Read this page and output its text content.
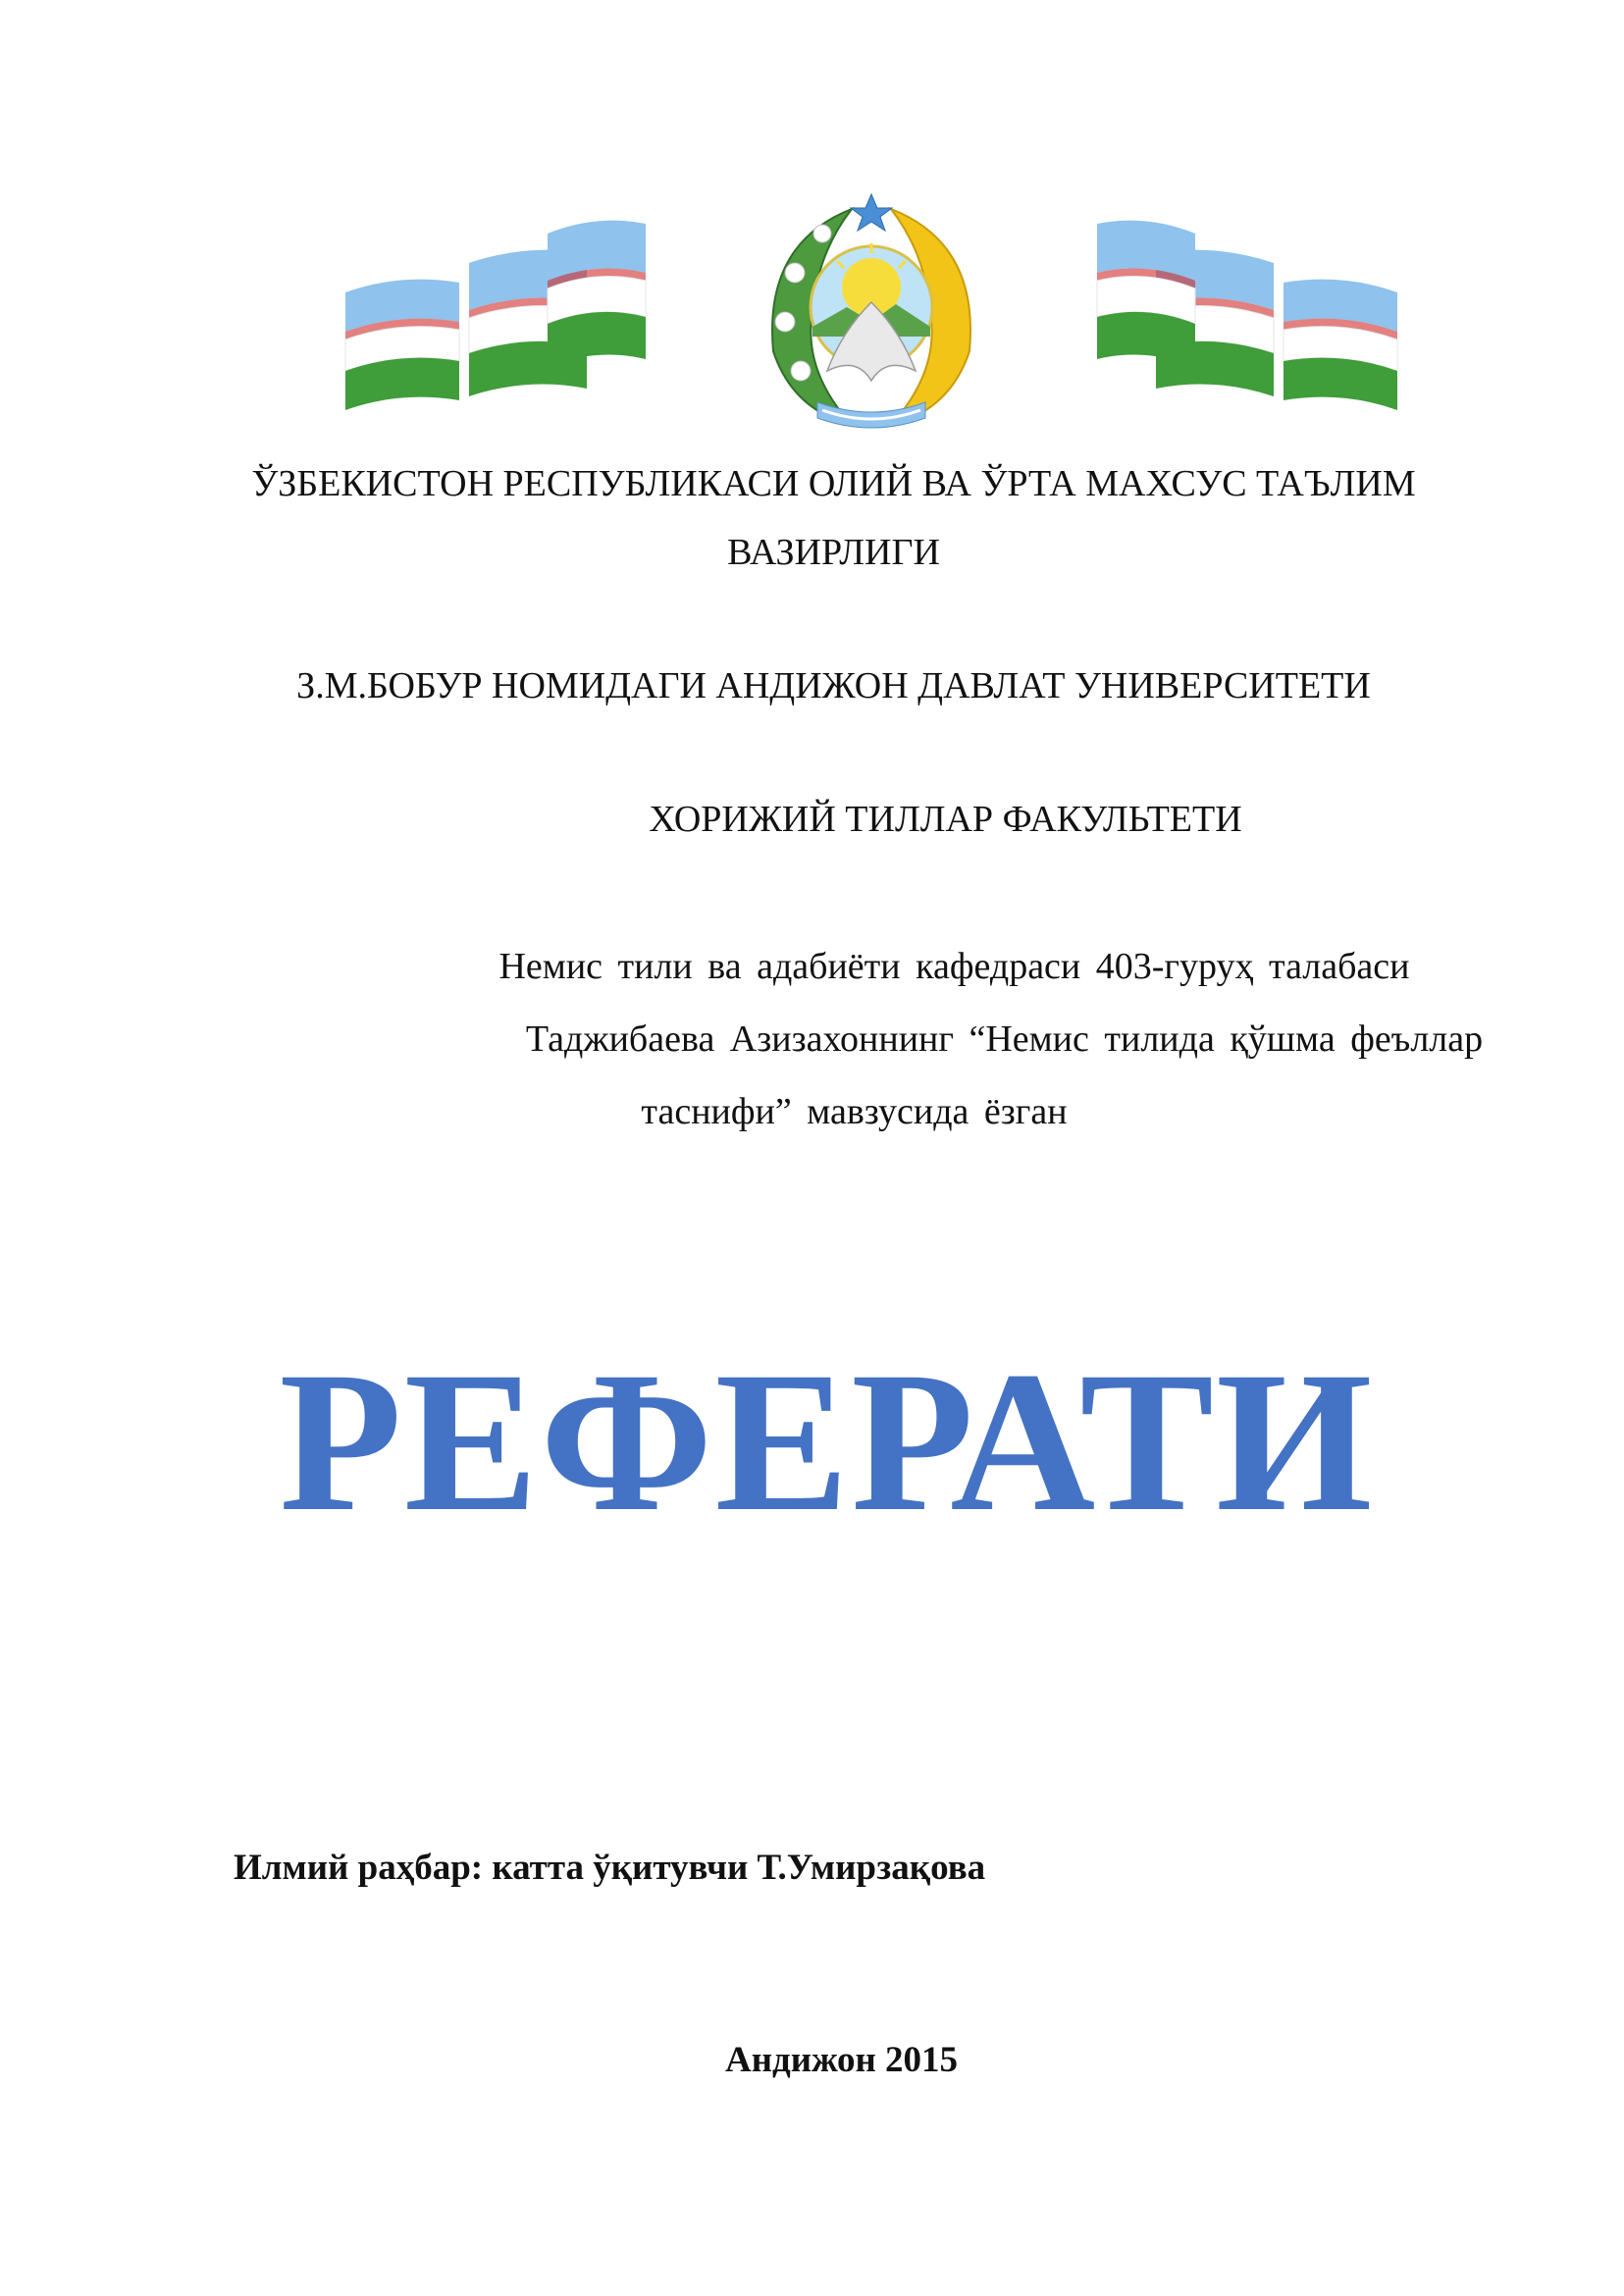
ЎЗБЕКИСТОН РЕСПУБЛИКАСИ ОЛИЙ ВА ЎРТА МАХСУС ТАЪЛИМ
ВАЗИРЛИГИ
З.М.БОБУР НОМИДАГИ АНДИЖОН ДАВЛАТ УНИВЕРСИТЕТИ
ХОРИЖИЙ ТИЛЛАР ФАКУЛЬТЕТИ
Немис тили ва адабиёти кафедраси 403-гуруҳ талабаси
Таджибаева Азизахоннинг “Немис тилида қўшма феъллар
таснифи” мавзусида ёзган
РЕФЕРАТИ
Илмий раҳбар: катта ўқитувчи Т.Умирзақова
Андижон 2015
